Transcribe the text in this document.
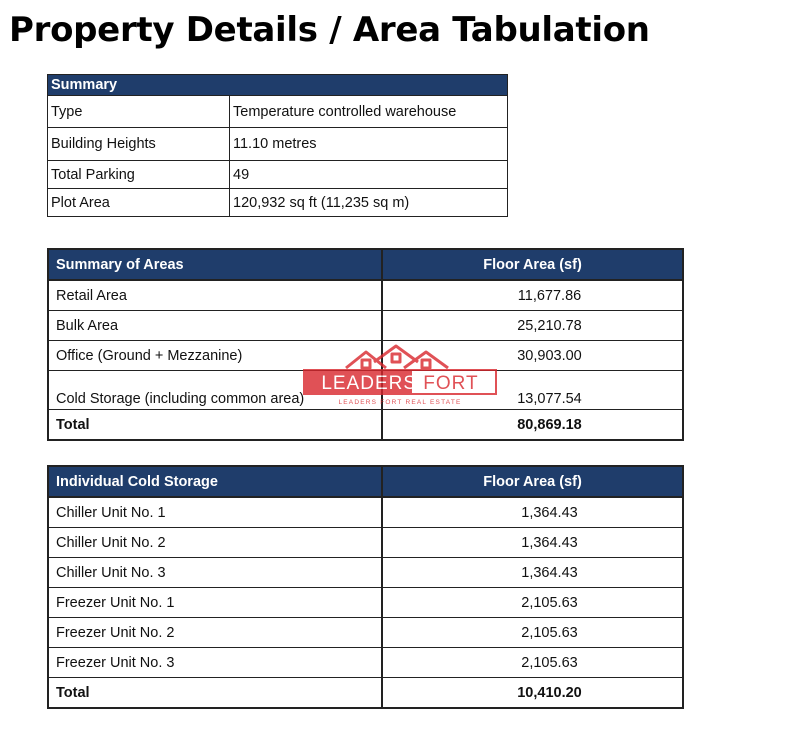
Property Details / Area Tabulation
Summary	
Type	Temperature controlled warehouse
Building Heights	11.10 metres
Total Parking	49
Plot Area	120,932 sq ft (11,235 sq m)
Summary of Areas	Floor Area (sf)
Retail Area	11,677.86
Bulk Area	25,210.78
Office (Ground + Mezzanine)	30,903.00
Cold Storage (including common area)	13,077.54
Total	80,869.18
Individual Cold Storage	Floor Area (sf)
Chiller Unit No. 1	1,364.43
Chiller Unit No. 2	1,364.43
Chiller Unit No. 3	1,364.43
Freezer Unit No. 1	2,105.63
Freezer Unit No. 2	2,105.63
Freezer Unit No. 3	2,105.63
Total	10,410.20
LEADERS FORT
LEADERS FORT REAL ESTATE
